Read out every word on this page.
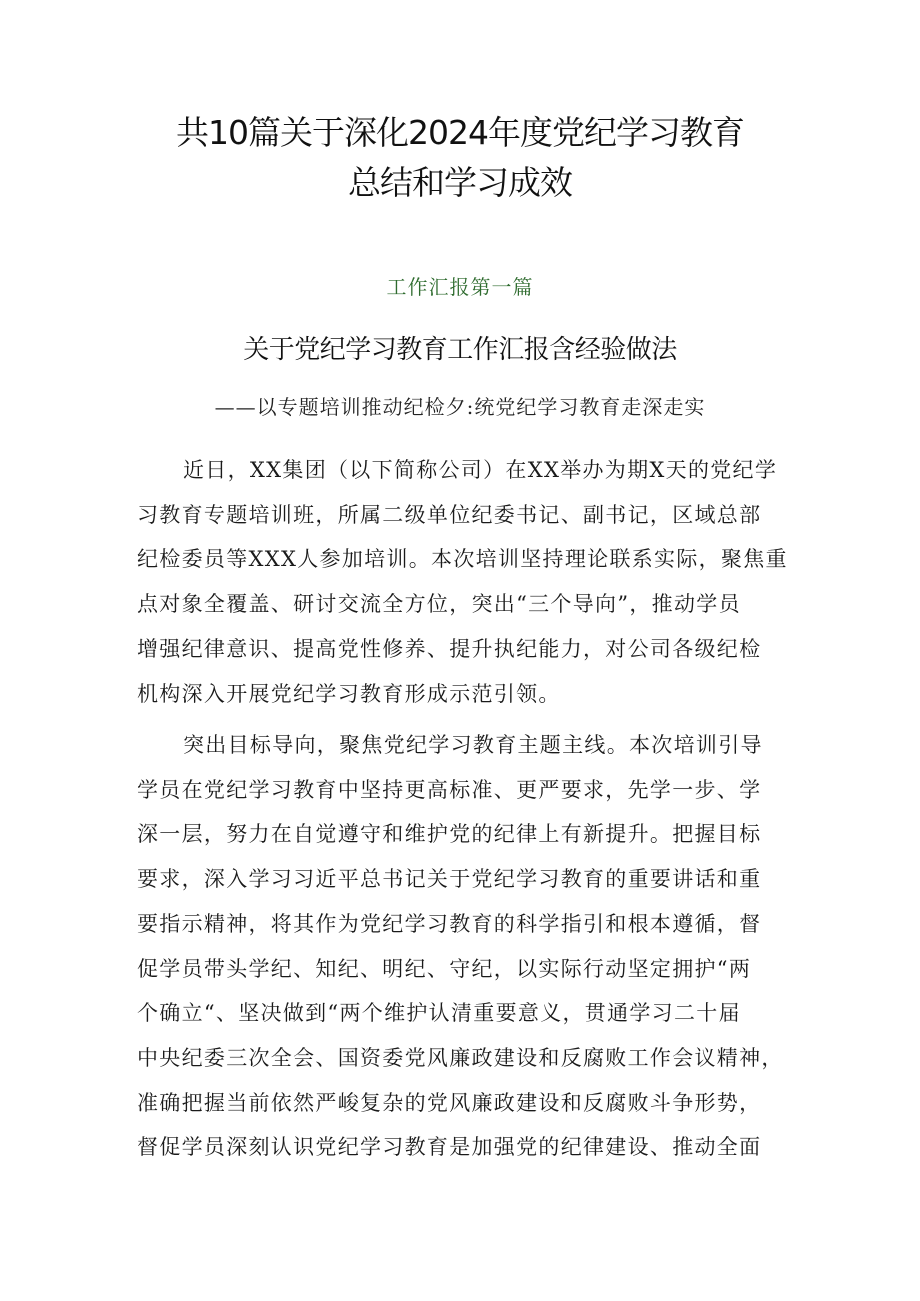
共10篇关于深化2024年度党纪学习教育
总结和学习成效
工作汇报第一篇
关于党纪学习教育工作汇报含经验做法
——以专题培训推动纪检夕:统党纪学习教育走深走实

近日，XX集团（以下简称公司）在XX举办为期X天的党纪学
习教育专题培训班，所属二级单位纪委书记、副书记，区域总部
纪检委员等XXX人参加培训。本次培训坚持理论联系实际，聚焦重
点对象全覆盖、研讨交流全方位，突出“三个导向”，推动学员
增强纪律意识、提高党性修养、提升执纪能力，对公司各级纪检
机构深入开展党纪学习教育形成示范引领。

突出目标导向，聚焦党纪学习教育主题主线。本次培训引导
学员在党纪学习教育中坚持更高标准、更严要求，先学一步、学
深一层，努力在自觉遵守和维护党的纪律上有新提升。把握目标
要求，深入学习习近平总书记关于党纪学习教育的重要讲话和重
要指示精神，将其作为党纪学习教育的科学指引和根本遵循，督
促学员带头学纪、知纪、明纪、守纪，以实际行动坚定拥护“两
个确立“、坚决做到“两个维护认清重要意义，贯通学习二十届
中央纪委三次全会、国资委党风廉政建设和反腐败工作会议精神，
准确把握当前依然严峻复杂的党风廉政建设和反腐败斗争形势，
督促学员深刻认识党纪学习教育是加强党的纪律建设、推动全面
